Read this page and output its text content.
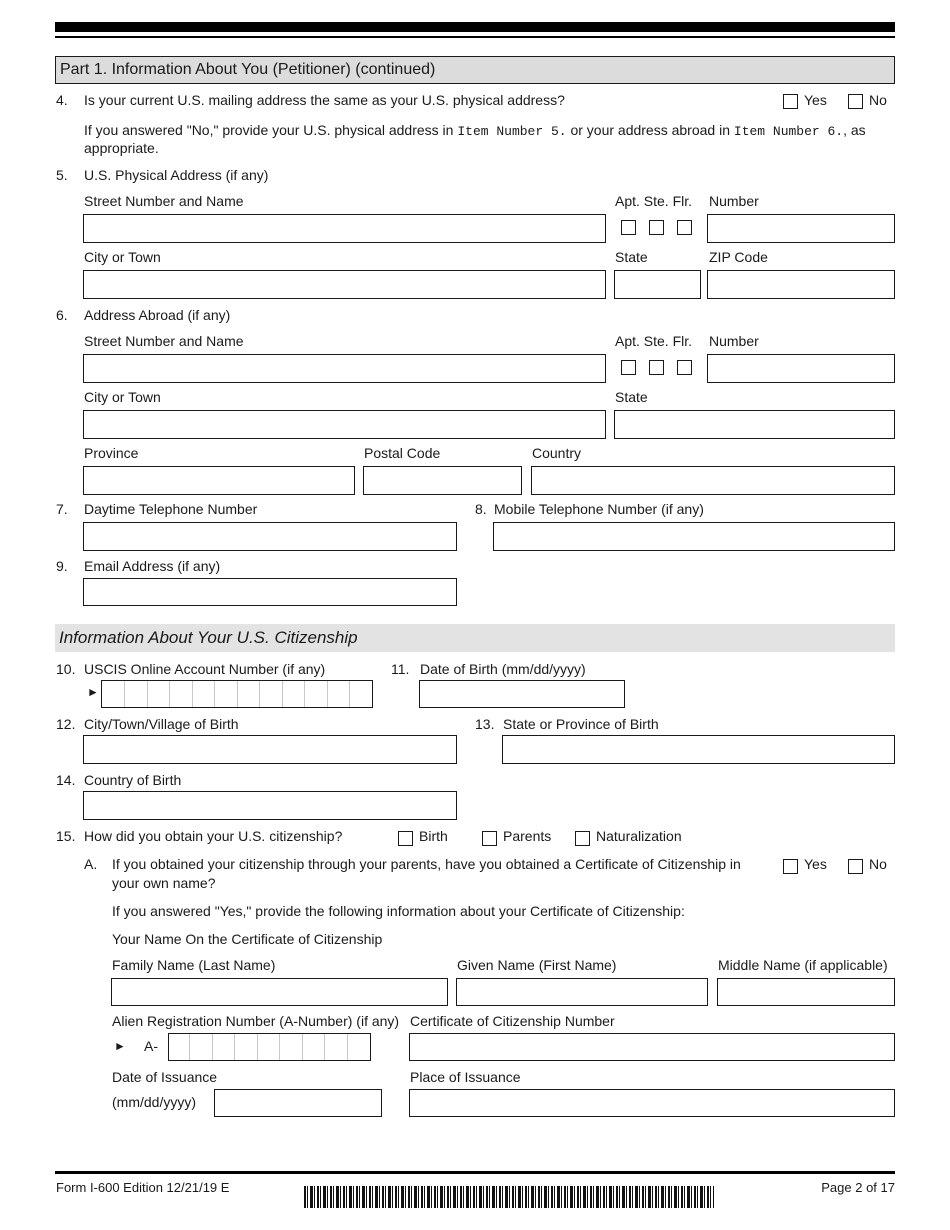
Part 1. Information About You (Petitioner) (continued)
4. Is your current U.S. mailing address the same as your U.S. physical address?	Yes	No
If you answered "No," provide your U.S. physical address in Item Number 5. or your address abroad in Item Number 6., as
appropriate.
5. U.S. Physical Address (if any)
Street Number and Name	Apt. Ste. Flr. Number
City or Town	State	ZIP Code
6. Address Abroad (if any)
Street Number and Name	Apt. Ste. Flr. Number
City or Town	State
Province	Postal Code	Country
7. Daytime Telephone Number	8. Mobile Telephone Number (if any)
9. Email Address (if any)
Information About Your U.S. Citizenship
10. USCIS Online Account Number (if any)
►
11. Date of Birth (mm/dd/yyyy)
12. City/Town/Village of Birth	13. State or Province of Birth
14. Country of Birth
15. How did you obtain your U.S. citizenship?	Birth	Parents	Naturalization
A. If you obtained your citizenship through your parents, have you obtained a Certificate of Citizenship in
your own name?
Yes	No
If you answered "Yes," provide the following information about your Certificate of Citizenship:
Your Name On the Certificate of Citizenship
Family Name (Last Name)	Given Name (First Name)	Middle Name (if applicable)
Alien Registration Number (A-Number) (if any) Certificate of Citizenship Number
► A-
Date of Issuance	Place of Issuance
(mm/dd/yyyy)
Form I-600 Edition 12/21/19 E	Page 2 of 17
